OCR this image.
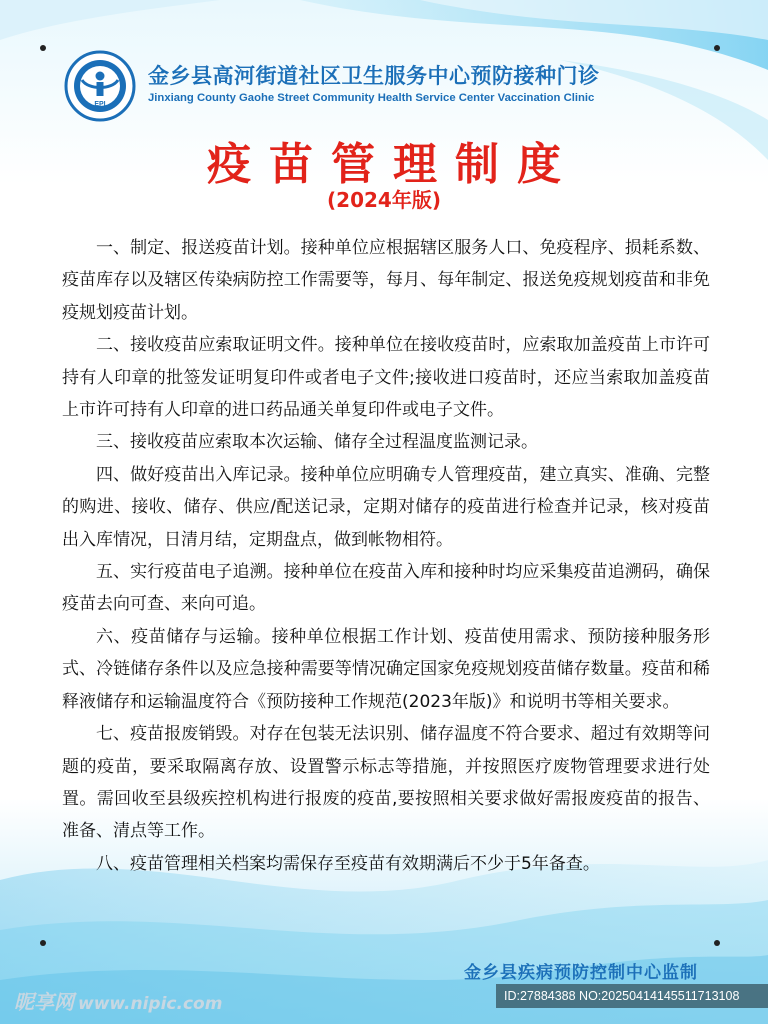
EPI
金乡县高河街道社区卫生服务中心预防接种门诊
Jinxiang County Gaohe Street Community Health Service Center Vaccination Clinic
疫苗管理制度
(2024年版)

一、制定、报送疫苗计划。接种单位应根据辖区服务人口、免疫程序、损耗系数、疫苗库存以及辖区传染病防控工作需要等，每月、每年制定、报送免疫规划疫苗和非免疫规划疫苗计划。

二、接收疫苗应索取证明文件。接种单位在接收疫苗时，应索取加盖疫苗上市许可持有人印章的批签发证明复印件或者电子文件;接收进口疫苗时，还应当索取加盖疫苗上市许可持有人印章的进口药品通关单复印件或电子文件。

三、接收疫苗应索取本次运输、储存全过程温度监测记录。

四、做好疫苗出入库记录。接种单位应明确专人管理疫苗，建立真实、准确、完整的购进、接收、储存、供应/配送记录，定期对储存的疫苗进行检查并记录，核对疫苗出入库情况，日清月结，定期盘点，做到帐物相符。

五、实行疫苗电子追溯。接种单位在疫苗入库和接种时均应采集疫苗追溯码，确保疫苗去向可查、来向可追。

六、疫苗储存与运输。接种单位根据工作计划、疫苗使用需求、预防接种服务形式、冷链储存条件以及应急接种需要等情况确定国家免疫规划疫苗储存数量。疫苗和稀释液储存和运输温度符合《预防接种工作规范(2023年版)》和说明书等相关要求。

七、疫苗报废销毁。对存在包装无法识别、储存温度不符合要求、超过有效期等问题的疫苗，要采取隔离存放、设置警示标志等措施，并按照医疗废物管理要求进行处置。需回收至县级疾控机构进行报废的疫苗,要按照相关要求做好需报废疫苗的报告、准备、清点等工作。

八、疫苗管理相关档案均需保存至疫苗有效期满后不少于5年备查。

金乡县疾病预防控制中心监制
昵享网 www.nipic.com	ID:27884388 NO:20250414145511713108
